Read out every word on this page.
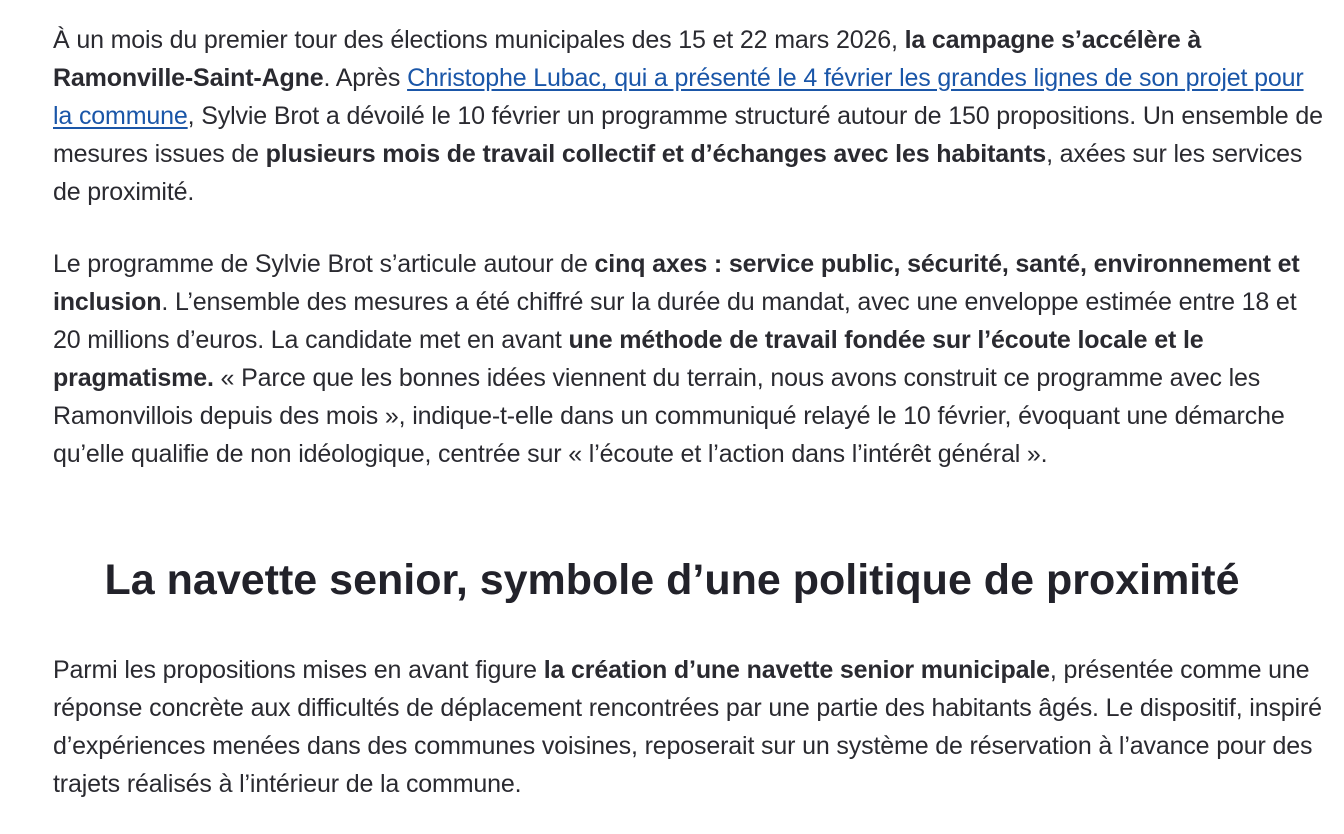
À un mois du premier tour des élections municipales des 15 et 22 mars 2026, la campagne s’accélère à Ramonville-Saint-Agne. Après Christophe Lubac, qui a présenté le 4 février les grandes lignes de son projet pour la commune, Sylvie Brot a dévoilé le 10 février un programme structuré autour de 150 propositions. Un ensemble de mesures issues de plusieurs mois de travail collectif et d’échanges avec les habitants, axées sur les services de proximité.

Le programme de Sylvie Brot s’articule autour de cinq axes : service public, sécurité, santé, environnement et inclusion. L’ensemble des mesures a été chiffré sur la durée du mandat, avec une enveloppe estimée entre 18 et 20 millions d’euros. La candidate met en avant une méthode de travail fondée sur l’écoute locale et le pragmatisme. « Parce que les bonnes idées viennent du terrain, nous avons construit ce programme avec les Ramonvillois depuis des mois », indique-t-elle dans un communiqué relayé le 10 février, évoquant une démarche qu’elle qualifie de non idéologique, centrée sur « l’écoute et l’action dans l’intérêt général ».

La navette senior, symbole d’une politique de proximité

Parmi les propositions mises en avant figure la création d’une navette senior municipale, présentée comme une réponse concrète aux difficultés de déplacement rencontrées par une partie des habitants âgés. Le dispositif, inspiré d’expériences menées dans des communes voisines, reposerait sur un système de réservation à l’avance pour des trajets réalisés à l’intérieur de la commune.
